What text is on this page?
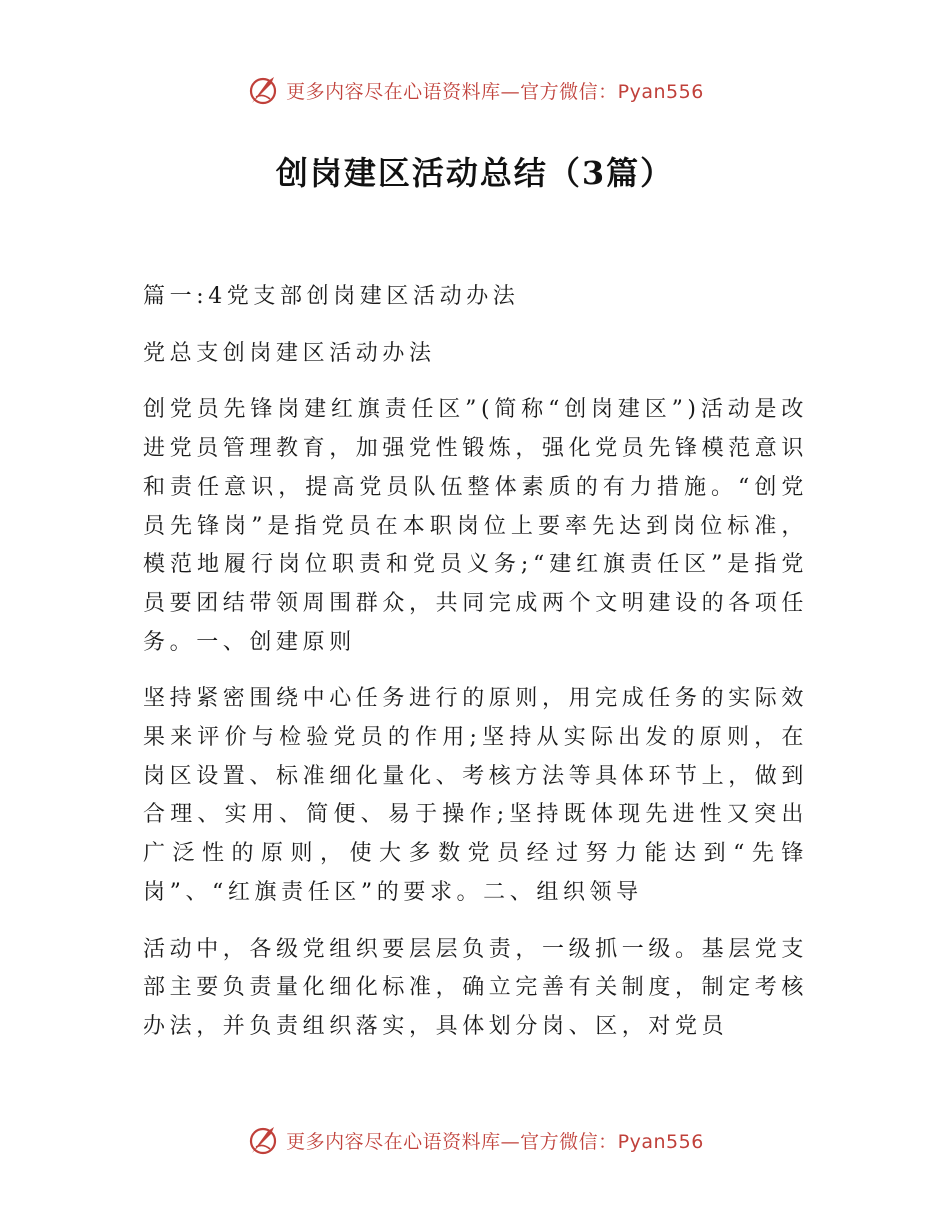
更多内容尽在心语资料库—官方微信：Pyan556
创岗建区活动总结（3篇）

篇一:4党支部创岗建区活动办法

党总支创岗建区活动办法

创党员先锋岗建红旗责任区”(简称“创岗建区”)活动是改进党员管理教育，加强党性锻炼，强化党员先锋模范意识和责任意识，提高党员队伍整体素质的有力措施。“创党员先锋岗”是指党员在本职岗位上要率先达到岗位标准，模范地履行岗位职责和党员义务;“建红旗责任区”是指党员要团结带领周围群众，共同完成两个文明建设的各项任务。一、创建原则

坚持紧密围绕中心任务进行的原则，用完成任务的实际效果来评价与检验党员的作用;坚持从实际出发的原则，在岗区设置、标准细化量化、考核方法等具体环节上，做到合理、实用、简便、易于操作;坚持既体现先进性又突出广泛性的原则，使大多数党员经过努力能达到“先锋岗”、“红旗责任区”的要求。二、组织领导

活动中，各级党组织要层层负责，一级抓一级。基层党支部主要负责量化细化标准，确立完善有关制度，制定考核办法，并负责组织落实，具体划分岗、区，对党员

更多内容尽在心语资料库—官方微信：Pyan556
